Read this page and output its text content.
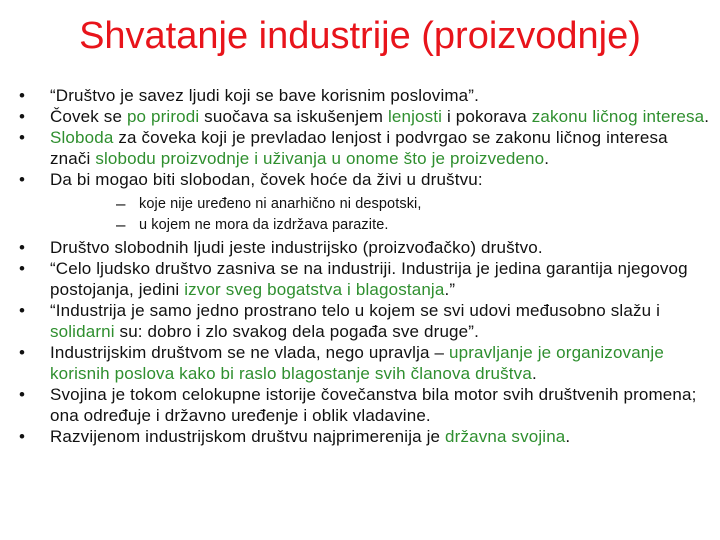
Shvatanje industrije (proizvodnje)
• “Društvo je savez ljudi koji se bave korisnim poslovima”.
• Čovek se po prirodi suočava sa iskušenjem lenjosti i pokorava zakonu ličnog interesa.
• Sloboda za čoveka koji je prevladao lenjost i podvrgao se zakonu ličnog interesa znači slobodu proizvodnje i uživanja u onome što je proizvedeno.
• Da bi mogao biti slobodan, čovek hoće da živi u društvu:
– koje nije uređeno ni anarhično ni despotski,
– u kojem ne mora da izdržava parazite.
• Društvo slobodnih ljudi jeste industrijsko (proizvođačko) društvo.
• “Celo ljudsko društvo zasniva se na industriji. Industrija je jedina garantija njegovog postojanja, jedini izvor sveg bogatstva i blagostanja.”
• “Industrija je samo jedno prostrano telo u kojem se svi udovi međusobno slažu i solidarni su: dobro i zlo svakog dela pogađa sve druge”.
• Industrijskim društvom se ne vlada, nego upravlja – upravljanje je organizovanje korisnih poslova kako bi raslo blagostanje svih članova društva.
• Svojina je tokom celokupne istorije čovečanstva bila motor svih društvenih promena; ona određuje i državno uređenje i oblik vladavine.
• Razvijenom industrijskom društvu najprimerenija je državna svojina.
